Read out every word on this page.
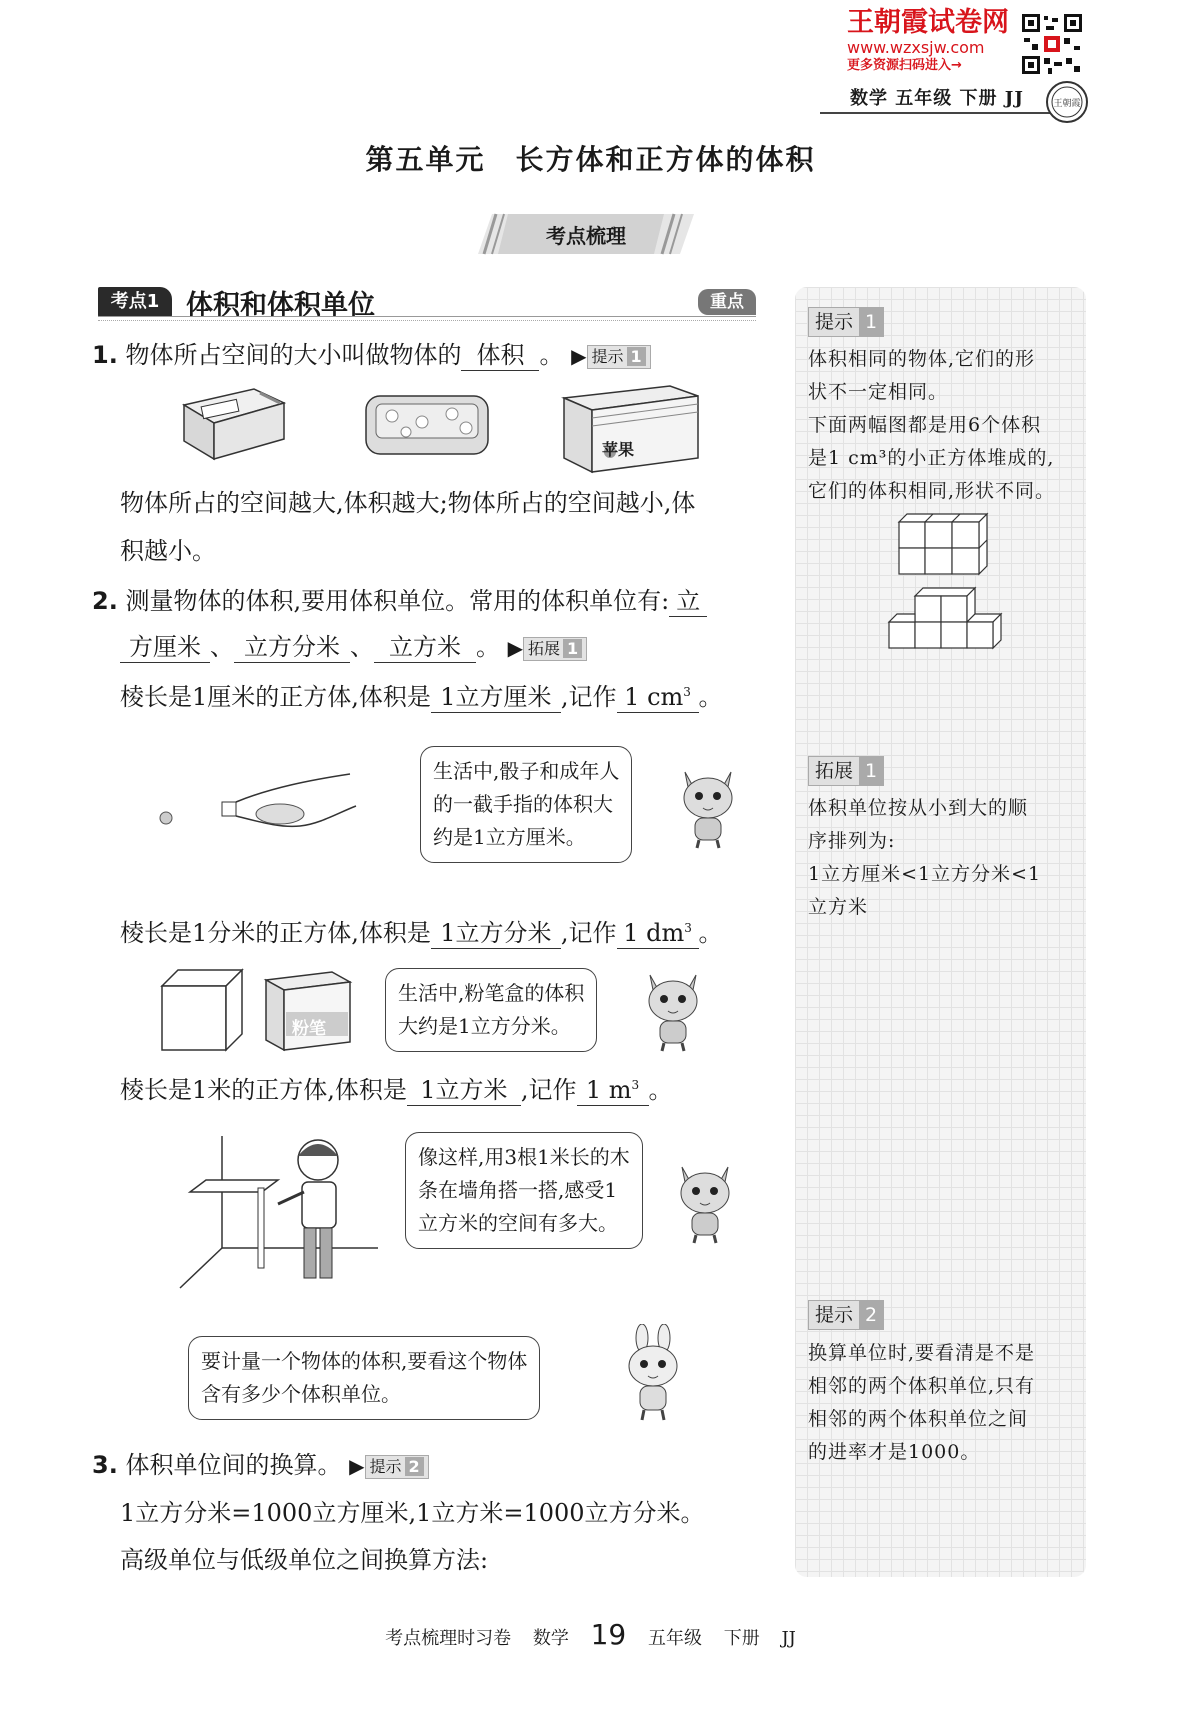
王朝霞试卷网
www.wzxsjw.com
更多资源扫码进入→
数学 五年级 下册 JJ	王朝霞
第五单元　长方体和正方体的体积
考点梳理
考点1 体积和体积单位	重点
1. 物体所占空间的大小叫做物体的 体积 。 ▶ 提示 1
苹果
物体所占的空间越大,体积越大;物体所占的空间越小,体
积越小。
2. 测量物体的体积,要用体积单位。常用的体积单位有: 立
方厘米 、 立方分米 、 立方米 。 ▶ 拓展 1
棱长是1厘米的正方体,体积是 1立方厘米 ,记作 1 $cm^3$ 。
生活中,骰子和成年人
的一截手指的体积大
约是1立方厘米。
棱长是1分米的正方体,体积是 1立方分米 ,记作 1 $dm^3$ 。
粉笔
生活中,粉笔盒的体积
大约是1立方分米。
棱长是1米的正方体,体积是 1立方米 ,记作 1 $m^3$ 。
像这样,用3根1米长的木
条在墙角搭一搭,感受1
立方米的空间有多大。
要计量一个物体的体积,要看这个物体
含有多少个体积单位。
3. 体积单位间的换算。 ▶ 提示 2
1立方分米=1000立方厘米,1立方米=1000立方分米。
高级单位与低级单位之间换算方法:
提示 1
体积相同的物体,它们的形
状不一定相同。
下面两幅图都是用6个体积
是1 cm³的小正方体堆成的,
它们的体积相同,形状不同。
拓展 1
体积单位按从小到大的顺
序排列为:
1立方厘米<1立方分米<1
立方米
提示 2
换算单位时,要看清是不是
相邻的两个体积单位,只有
相邻的两个体积单位之间
的进率才是1000。
考点梳理时习卷 数学 19 五年级 下册 JJ
